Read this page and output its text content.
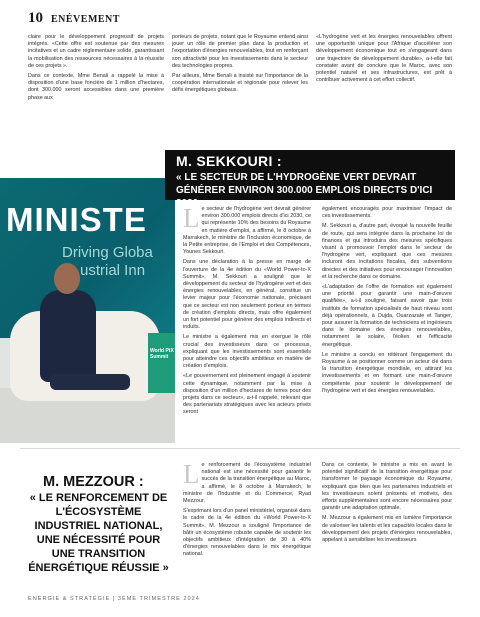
10 ENÉVEMENT

claire pour le développement progressif de projets intégrés. «Cette offre est soutenue par des mesures incitatives et un cadre réglementaire solide, garantissant la mobilisation des ressources nécessaires à la réussite de ces projets ».

Dans ce contexte, Mme Benali a rappelé la mise à disposition d'une base foncière de 1 million d'hectares, dont 300.000 seront accessibles dans une première phase aux

porteurs de projets, notant que le Royaume entend ainsi jouer un rôle de premier plan dans la production et l'exportation d'énergies renouvelables, tout en renforçant son attractivité pour les investissements dans le secteur des technologies propres.

Par ailleurs, Mme Benali a insisté sur l'importance de la coopération internationale et régionale pour relever les défis énergétiques globaux.

«L'hydrogène vert et les énergies renouvelables offrent une opportunité unique pour l'Afrique d'accélérer son développement économique tout en s'engageant dans une trajectoire de développement durable», a-t-elle fait constater avant de conclure que le Maroc, avec son potentiel naturel et ses infrastructures, est prêt à contribuer activement à cet effort collectif.

MINISTE
Driving Globa
ustrial Inn
World PtX Summit
M. SEKKOURI :
« LE SECTEUR DE L'HYDROGÈNE VERT DEVRAIT GÉNÉRER ENVIRON 300.000 EMPLOIS DIRECTS D'ICI 2030 »

Le secteur de l'hydrogène vert devrait générer environ 300.000 emplois directs d'ici 2030, ce qui représente 10% des besoins du Royaume en matière d'emploi, a affirmé, le 8 octobre à Marrakech, le ministre de l'Inclusion économique, de la Petite entreprise, de l'Emploi et des Compétences, Younes Sekkouri.

Dans une déclaration à la presse en marge de l'ouverture de la 4e édition du «World Power-to-X Summit», M. Sekkouri a souligné que le développement du secteur de l'hydrogène vert et des énergies renouvelables, en général, constitue un levier majeur pour l'économie nationale, précisant que ce secteur est non seulement porteur en termes de création d'emplois directs, mais offre également un fort potentiel pour générer des emplois indirects et induits.

Le ministre a également mis en exergue le rôle crucial des investisseurs dans ce processus, expliquant que les investissements sont essentiels pour atteindre ces objectifs ambitieux en matière de création d'emplois.

«Le gouvernement est pleinement engagé à soutenir cette dynamique, notamment par la mise à disposition d'un million d'hectares de terres pour des projets dans ce secteur», a-t-il rappelé, relevant que des partenariats stratégiques avec les acteurs privés seront

également encouragés pour maximiser l'impact de ces investissements.

M. Sekkouri a, d'autre part, évoqué la nouvelle feuille de route, qui sera intégrée dans la prochaine loi de finances et qui introduira des mesures spécifiques visant à promouvoir l'emploi dans le secteur de l'hydrogène vert, expliquant que ces mesures incluront des incitations fiscales, des subventions directes et des initiatives pour encourager l'innovation et la recherche dans ce domaine.

«L'adaptation de l'offre de formation est également une priorité pour garantir une main-d'œuvre qualifiée», a-t-il souligné, faisant savoir que trois instituts de formation spécialisés de haut niveau sont déjà opérationnels, à Oujda, Ouarzazate et Tanger, pour assurer la formation de techniciens et ingénieurs dans le domaine des énergies renouvelables, notamment le solaire, l'éolien et l'efficacité énergétique.

Le ministre a conclu en réitérant l'engagement du Royaume à se positionner comme un acteur clé dans la transition énergétique mondiale, en attirant les investissements et en formant une main-d'œuvre compétente pour soutenir le développement de l'hydrogène vert et des énergies renouvelables.

M. MEZZOUR :
« LE RENFORCEMENT DE L'ÉCOSYSTÈME INDUSTRIEL NATIONAL, UNE NÉCESSITÉ POUR UNE TRANSITION ÉNERGÉTIQUE RÉUSSIE »

Le renforcement de l'écosystème industriel national est une nécessité pour garantir le succès de la transition énergétique au Maroc, a affirmé, le 8 octobre à Marrakech, le ministre de l'Industrie et du Commerce, Ryad Mezzour.

S'exprimant lors d'un panel ministériel, organisé dans le cadre de la 4e édition du «World Power-to-X Summit», M. Mezzour a souligné l'importance de bâtir un écosystème robuste capable de soutenir les objectifs ambitieux d'intégration de 30 à 40% d'énergies renouvelables dans le mix énergétique national.

Dans ce contexte, le ministre a mis en avant le potentiel significatif de la transition énergétique pour transformer le paysage économique du Royaume, expliquant que bien que les partenaires industriels et les investisseurs soient présents et motivés, des efforts supplémentaires sont encore nécessaires pour garantir une adaptation optimale.

M. Mezzour a également mis en lumière l'importance de valoriser les talents et les capacités locales dans le développement des projets d'énergies renouvelables, appelant à sensibiliser les investisseurs

ENERGIE & STRATÉGIE | 3ÈME TRIMESTRE 2024
